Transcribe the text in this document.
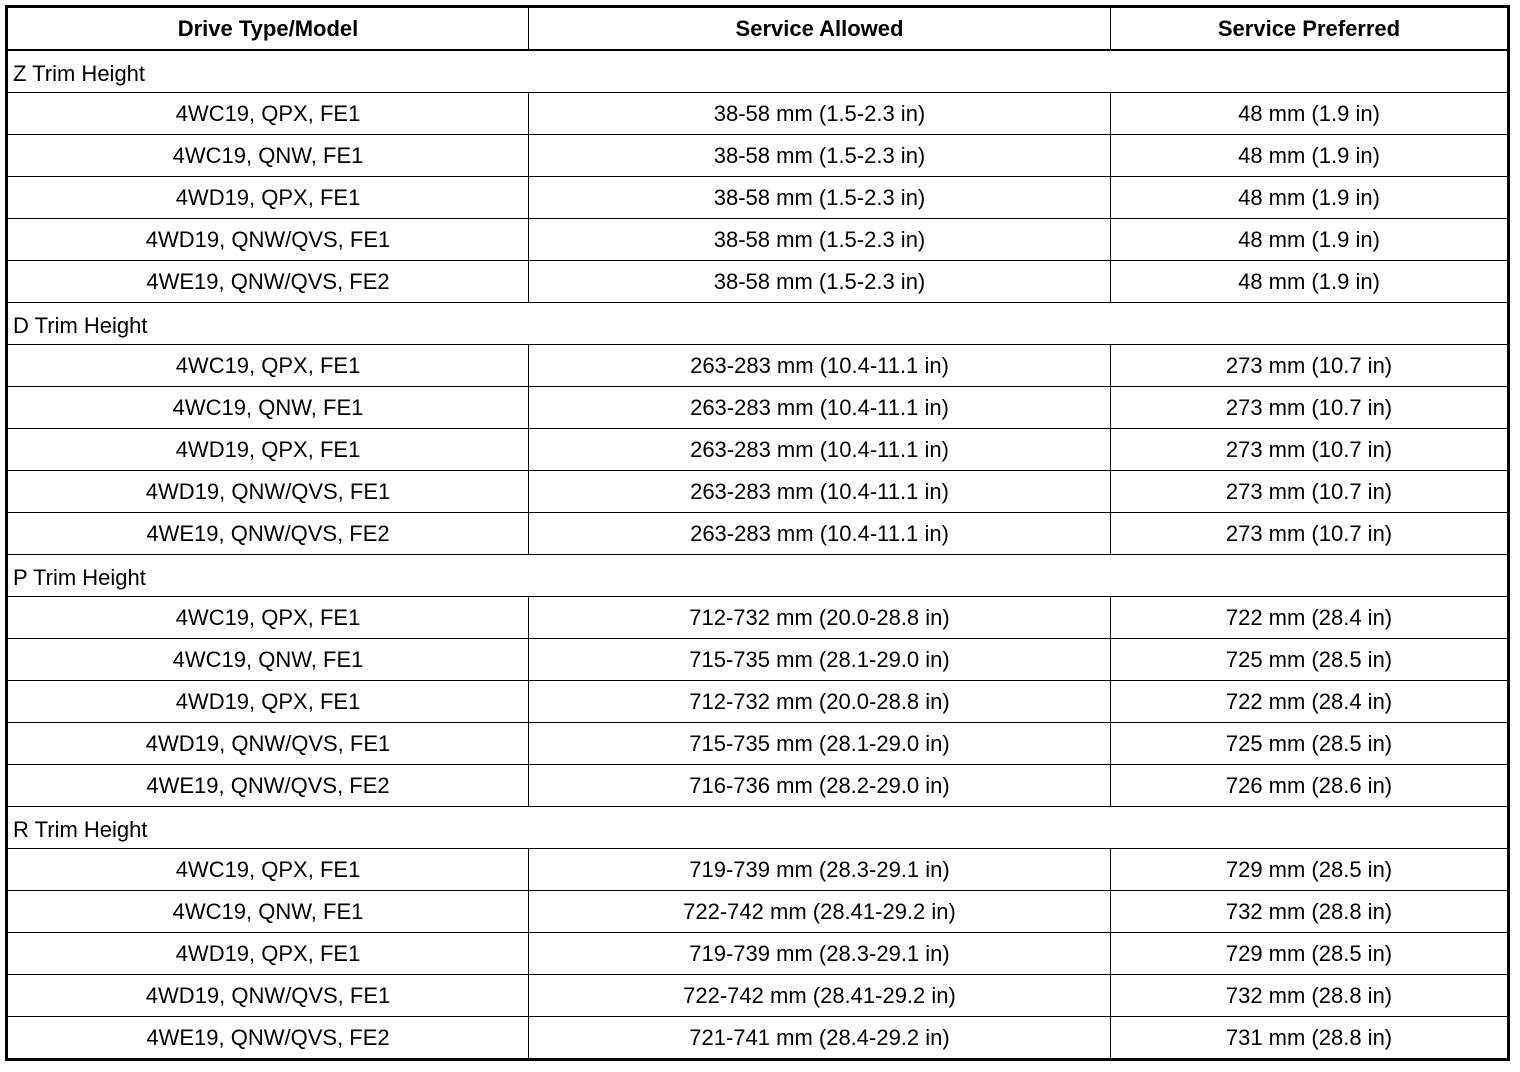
Drive Type/Model	Service Allowed	Service Preferred
Z Trim Height		
4WC19, QPX, FE1	38-58 mm (1.5-2.3 in)	48 mm (1.9 in)
4WC19, QNW, FE1	38-58 mm (1.5-2.3 in)	48 mm (1.9 in)
4WD19, QPX, FE1	38-58 mm (1.5-2.3 in)	48 mm (1.9 in)
4WD19, QNW/QVS, FE1	38-58 mm (1.5-2.3 in)	48 mm (1.9 in)
4WE19, QNW/QVS, FE2	38-58 mm (1.5-2.3 in)	48 mm (1.9 in)
D Trim Height		
4WC19, QPX, FE1	263-283 mm (10.4-11.1 in)	273 mm (10.7 in)
4WC19, QNW, FE1	263-283 mm (10.4-11.1 in)	273 mm (10.7 in)
4WD19, QPX, FE1	263-283 mm (10.4-11.1 in)	273 mm (10.7 in)
4WD19, QNW/QVS, FE1	263-283 mm (10.4-11.1 in)	273 mm (10.7 in)
4WE19, QNW/QVS, FE2	263-283 mm (10.4-11.1 in)	273 mm (10.7 in)
P Trim Height		
4WC19, QPX, FE1	712-732 mm (20.0-28.8 in)	722 mm (28.4 in)
4WC19, QNW, FE1	715-735 mm (28.1-29.0 in)	725 mm (28.5 in)
4WD19, QPX, FE1	712-732 mm (20.0-28.8 in)	722 mm (28.4 in)
4WD19, QNW/QVS, FE1	715-735 mm (28.1-29.0 in)	725 mm (28.5 in)
4WE19, QNW/QVS, FE2	716-736 mm (28.2-29.0 in)	726 mm (28.6 in)
R Trim Height		
4WC19, QPX, FE1	719-739 mm (28.3-29.1 in)	729 mm (28.5 in)
4WC19, QNW, FE1	722-742 mm (28.41-29.2 in)	732 mm (28.8 in)
4WD19, QPX, FE1	719-739 mm (28.3-29.1 in)	729 mm (28.5 in)
4WD19, QNW/QVS, FE1	722-742 mm (28.41-29.2 in)	732 mm (28.8 in)
4WE19, QNW/QVS, FE2	721-741 mm (28.4-29.2 in)	731 mm (28.8 in)
